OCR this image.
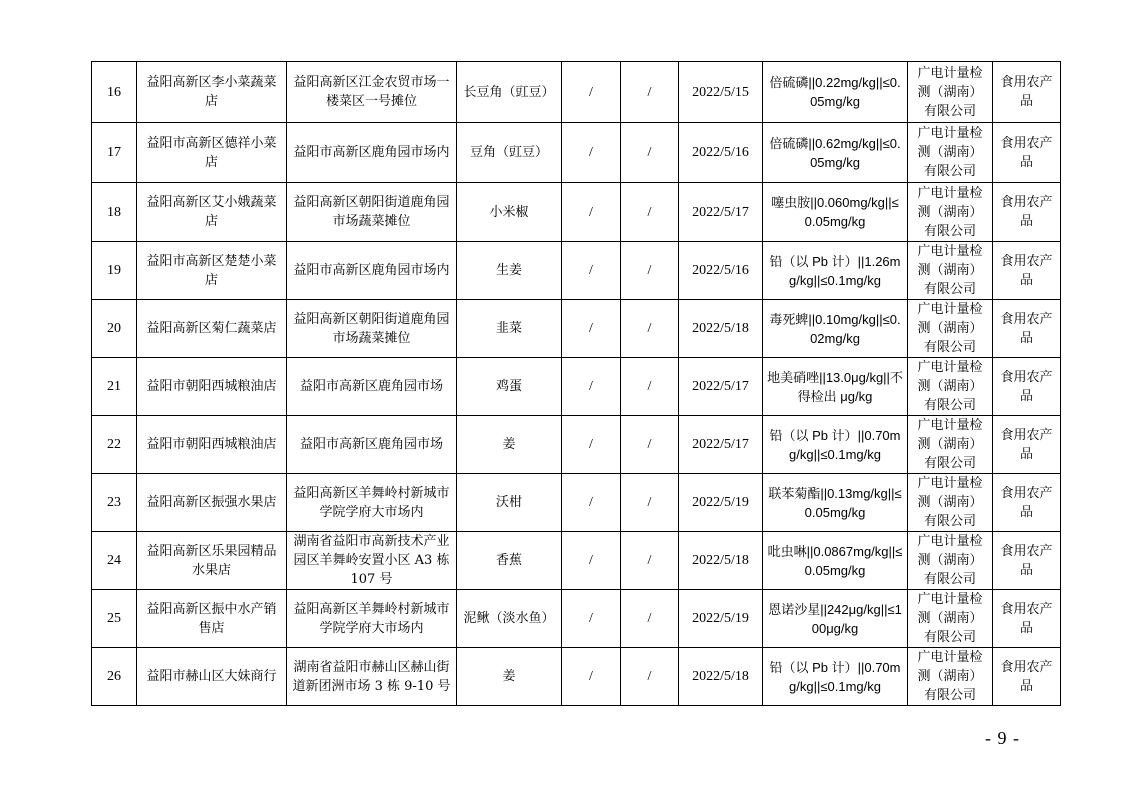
16	益阳高新区李小菜蔬菜店	益阳高新区江金农贸市场一楼菜区一号摊位	长豆角（豇豆）	/	/	2022/5/15	倍硫磷||0.22mg/kg||≤0.05mg/kg	广电计量检测（湖南）有限公司	食用农产品
17	益阳市高新区德祥小菜店	益阳市高新区鹿角园市场内	豆角（豇豆）	/	/	2022/5/16	倍硫磷||0.62mg/kg||≤0.05mg/kg	广电计量检测（湖南）有限公司	食用农产品
18	益阳高新区艾小娥蔬菜店	益阳高新区朝阳街道鹿角园市场蔬菜摊位	小米椒	/	/	2022/5/17	噻虫胺||0.060mg/kg||≤0.05mg/kg	广电计量检测（湖南）有限公司	食用农产品
19	益阳市高新区楚楚小菜店	益阳市高新区鹿角园市场内	生姜	/	/	2022/5/16	铅（以 Pb 计）||1.26mg/kg||≤0.1mg/kg	广电计量检测（湖南）有限公司	食用农产品
20	益阳高新区菊仁蔬菜店	益阳高新区朝阳街道鹿角园市场蔬菜摊位	韭菜	/	/	2022/5/18	毒死蜱||0.10mg/kg||≤0.02mg/kg	广电计量检测（湖南）有限公司	食用农产品
21	益阳市朝阳西城粮油店	益阳市高新区鹿角园市场	鸡蛋	/	/	2022/5/17	地美硝唑||13.0μg/kg||不得检出 μg/kg	广电计量检测（湖南）有限公司	食用农产品
22	益阳市朝阳西城粮油店	益阳市高新区鹿角园市场	姜	/	/	2022/5/17	铅（以 Pb 计）||0.70mg/kg||≤0.1mg/kg	广电计量检测（湖南）有限公司	食用农产品
23	益阳高新区振强水果店	益阳高新区羊舞岭村新城市学院学府大市场内	沃柑	/	/	2022/5/19	联苯菊酯||0.13mg/kg||≤0.05mg/kg	广电计量检测（湖南）有限公司	食用农产品
24	益阳高新区乐果园精品水果店	湖南省益阳市高新技术产业园区羊舞岭安置小区 A3 栋 107 号	香蕉	/	/	2022/5/18	吡虫啉||0.0867mg/kg||≤0.05mg/kg	广电计量检测（湖南）有限公司	食用农产品
25	益阳高新区振中水产销售店	益阳高新区羊舞岭村新城市学院学府大市场内	泥鳅（淡水鱼）	/	/	2022/5/19	恩诺沙星||242μg/kg||≤100μg/kg	广电计量检测（湖南）有限公司	食用农产品
26	益阳市赫山区大妹商行	湖南省益阳市赫山区赫山街道新团洲市场 3 栋 9-10 号	姜	/	/	2022/5/18	铅（以 Pb 计）||0.70mg/kg||≤0.1mg/kg	广电计量检测（湖南）有限公司	食用农产品
- 9 -
